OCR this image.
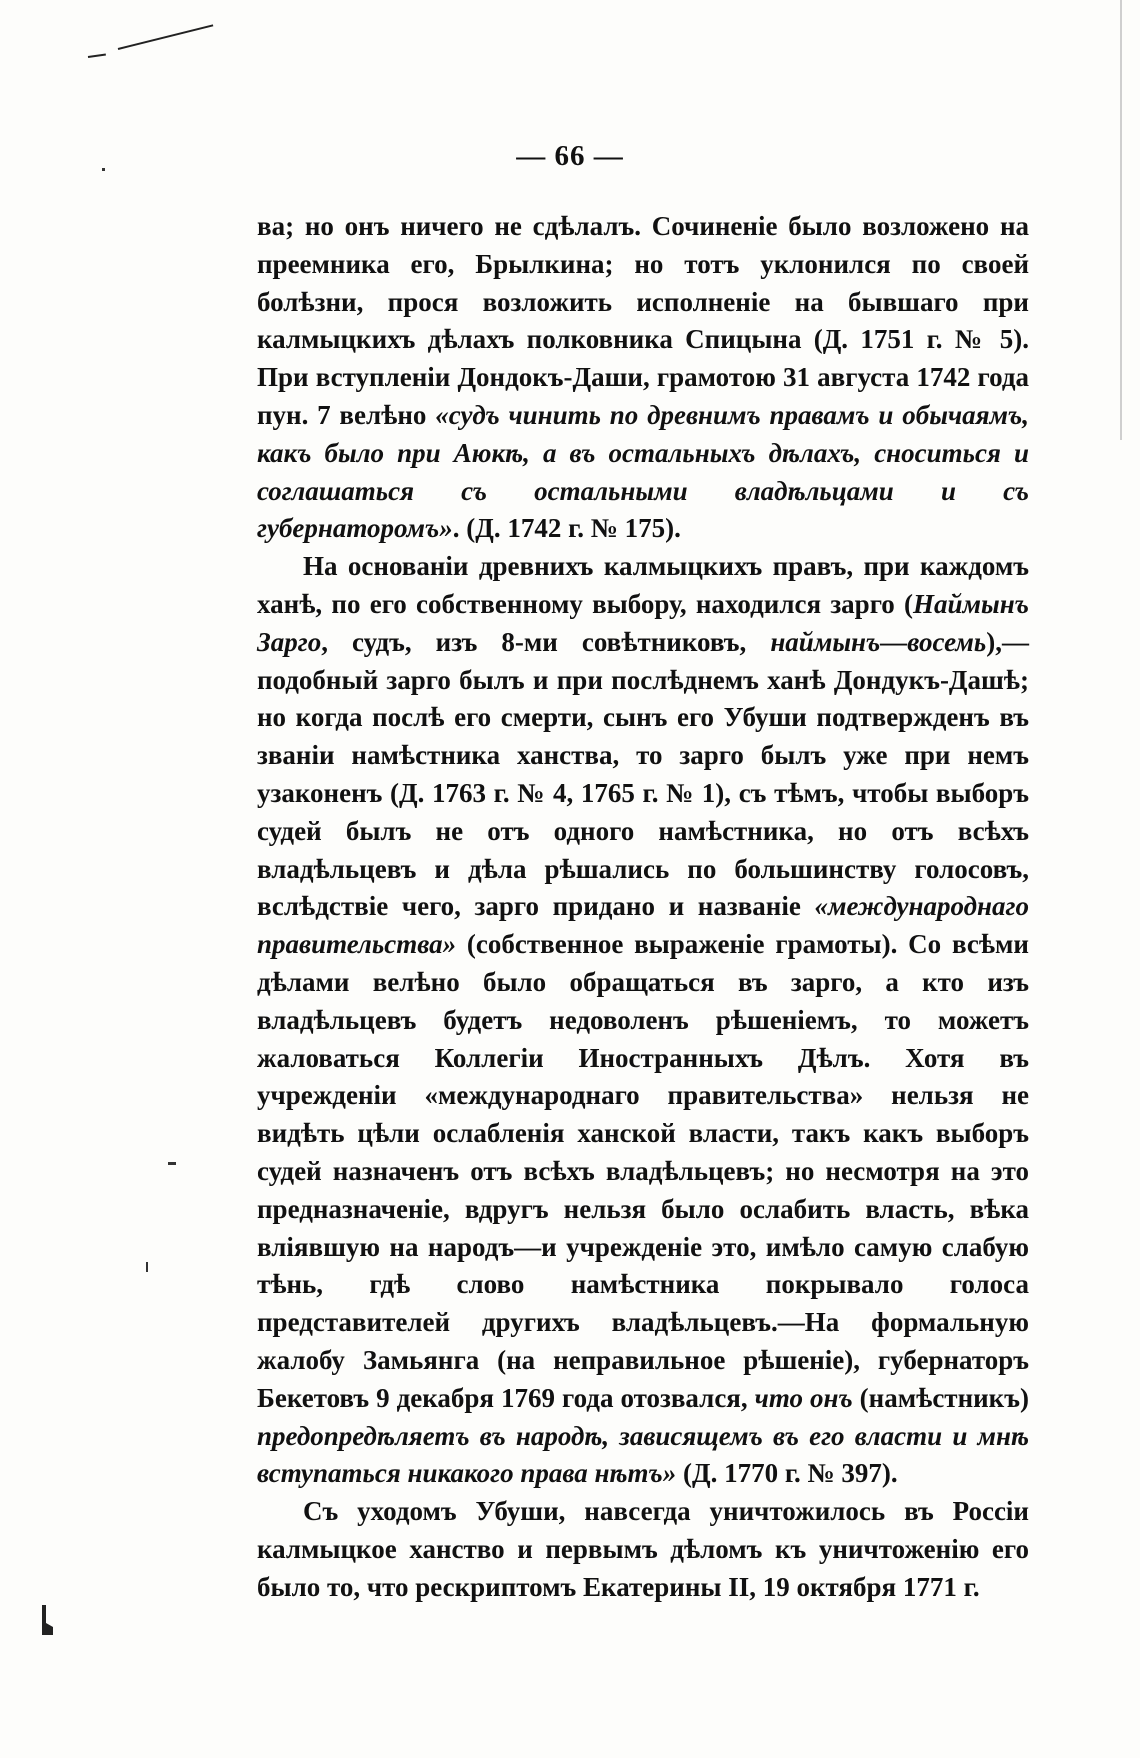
— 66 —

ва; но онъ ничего не сдѣлалъ. Сочиненіе было возложено на преемника его, Брылкина; но тотъ уклонился по своей болѣзни, прося возложить исполненіе на бывшаго при калмыцкихъ дѣлахъ полковника Спицына (Д. 1751 г. № 5). При вступленіи Дондокъ-Даши, грамотою 31 августа 1742 года пун. 7 велѣно «судъ чинить по древнимъ правамъ и обычаямъ, какъ было при Аюкѣ, а въ остальныхъ дѣлахъ, сноситься и соглашаться съ остальными владѣльцами и съ губернаторомъ». (Д. 1742 г. № 175).

На основаніи древнихъ калмыцкихъ правъ, при каждомъ ханѣ, по его собственному выбору, находился зарго (Наймынъ Зарго, судъ, изъ 8-ми совѣтниковъ, наймынъ—восемь),—подобный зарго былъ и при послѣднемъ ханѣ Дондукъ-Дашѣ; но когда послѣ его смерти, сынъ его Убуши подтвержденъ въ званіи намѣстника ханства, то зарго былъ уже при немъ узаконенъ (Д. 1763 г. № 4, 1765 г. № 1), съ тѣмъ, чтобы выборъ судей былъ не отъ одного намѣстника, но отъ всѣхъ владѣльцевъ и дѣла рѣшались по большинству голосовъ, вслѣдствіе чего, зарго придано и названіе «международнаго правительства» (собственное выраженіе грамоты). Со всѣми дѣлами велѣно было обращаться въ зарго, а кто изъ владѣльцевъ будетъ недоволенъ рѣшеніемъ, то можетъ жаловаться Коллегіи Иностранныхъ Дѣлъ. Хотя въ учрежденіи «международнаго правительства» нельзя не видѣть цѣли ослабленія ханской власти, такъ какъ выборъ судей назначенъ отъ всѣхъ владѣльцевъ; но несмотря на это предназначеніе, вдругъ нельзя было ослабить власть, вѣка вліявшую на народъ—и учрежденіе это, имѣло самую слабую тѣнь, гдѣ слово намѣстника покрывало голоса представителей другихъ владѣльцевъ.—На формальную жалобу Замьянга (на неправильное рѣшеніе), губернаторъ Бекетовъ 9 декабря 1769 года отозвался, что онъ (намѣстникъ) предопредѣляетъ въ народѣ, зависящемъ въ его власти и мнѣ вступаться никакого права нѣтъ» (Д. 1770 г. № 397).

Съ уходомъ Убуши, навсегда уничтожилось въ Россіи калмыцкое ханство и первымъ дѣломъ къ уничтоженію его было то, что рескриптомъ Екатерины II, 19 октября 1771 г.
